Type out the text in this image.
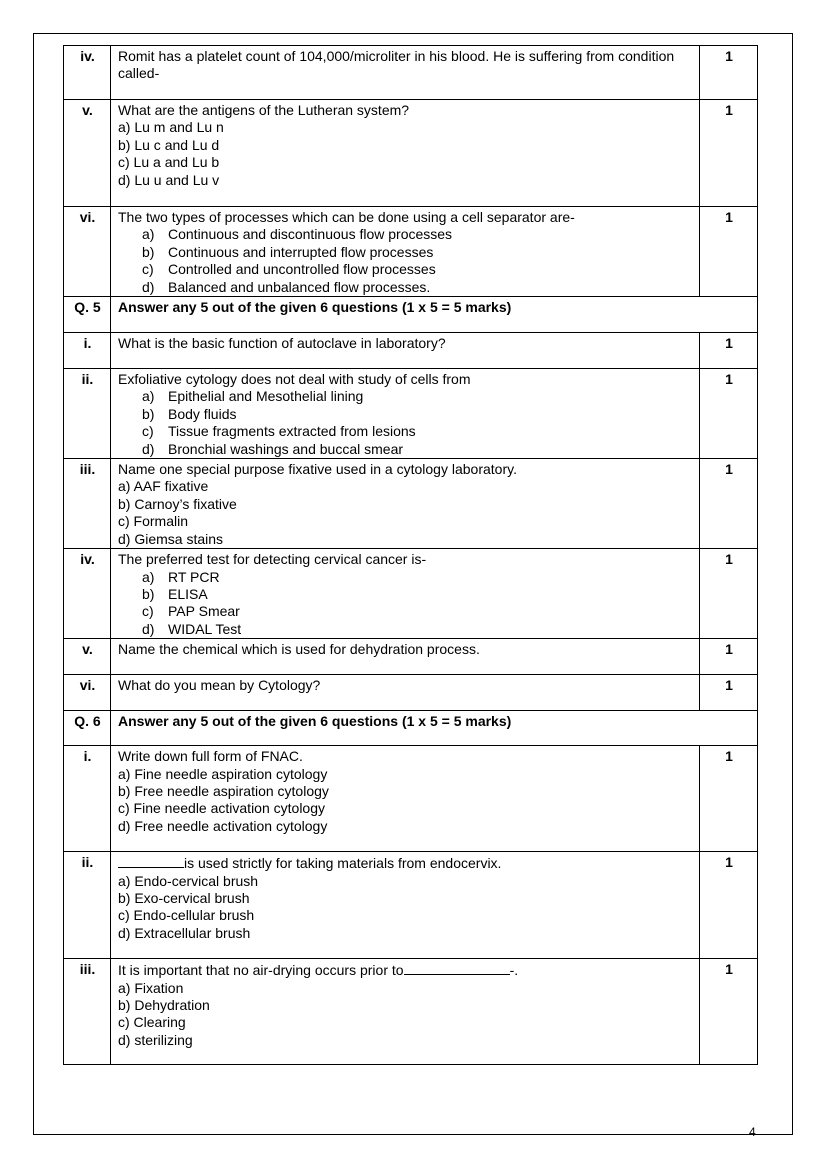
iv.	Romit has a platelet count of 104,000/microliter in his blood. He is suffering from condition called-	1
v.	What are the antigens of the Lutheran system?
a) Lu m and Lu n
b) Lu c and Lu d
c) Lu a and Lu b
d) Lu u and Lu v	1
vi.	The two types of processes which can be done using a cell separator are-
a) Continuous and discontinuous flow processes
b) Continuous and interrupted flow processes
c) Controlled and uncontrolled flow processes
d) Balanced and unbalanced flow processes.	1
Q. 5	Answer any 5 out of the given 6 questions (1 x 5 = 5 marks)	
i.	What is the basic function of autoclave in laboratory?	1
ii.	Exfoliative cytology does not deal with study of cells from
a) Epithelial and Mesothelial lining
b) Body fluids
c) Tissue fragments extracted from lesions
d) Bronchial washings and buccal smear	1
iii.	Name one special purpose fixative used in a cytology laboratory.
a) AAF fixative
b) Carnoy’s fixative
c) Formalin
d) Giemsa stains	1
iv.	The preferred test for detecting cervical cancer is-
a) RT PCR
b) ELISA
c) PAP Smear
d) WIDAL Test	1
v.	Name the chemical which is used for dehydration process.	1
vi.	What do you mean by Cytology?	1
Q. 6	Answer any 5 out of the given 6 questions (1 x 5 = 5 marks)	
i.	Write down full form of FNAC.
a) Fine needle aspiration cytology
b) Free needle aspiration cytology
c) Fine needle activation cytology
d) Free needle activation cytology	1
ii.	is used strictly for taking materials from endocervix.
a) Endo-cervical brush
b) Exo-cervical brush
c) Endo-cellular brush
d) Extracellular brush	1
iii.	It is important that no air-drying occurs prior to -.
a) Fixation
b) Dehydration
c) Clearing
d) sterilizing	1
4
